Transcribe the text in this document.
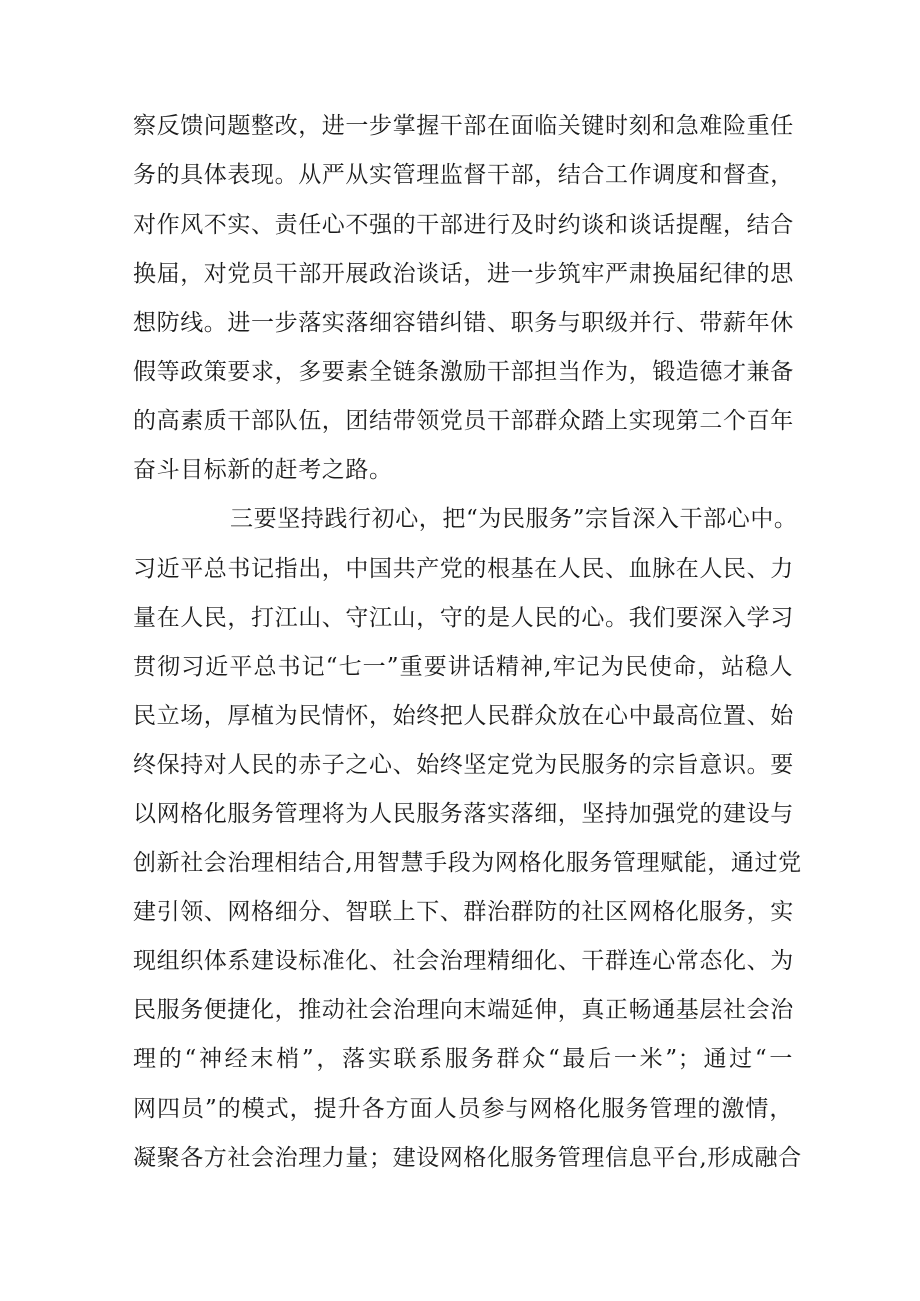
察反馈问题整改，进一步掌握干部在面临关键时刻和急难险重任
务的具体表现。从严从实管理监督干部，结合工作调度和督查，
对作风不实、责任心不强的干部进行及时约谈和谈话提醒，结合
换届，对党员干部开展政治谈话，进一步筑牢严肃换届纪律的思
想防线。进一步落实落细容错纠错、职务与职级并行、带薪年休
假等政策要求，多要素全链条激励干部担当作为，锻造德才兼备
的高素质干部队伍，团结带领党员干部群众踏上实现第二个百年
奋斗目标新的赶考之路。
三要坚持践行初心，把“为民服务”宗旨深入干部心中。
习近平总书记指出，中国共产党的根基在人民、血脉在人民、力
量在人民，打江山、守江山，守的是人民的心。我们要深入学习
贯彻习近平总书记“七一”重要讲话精神,牢记为民使命，站稳人
民立场，厚植为民情怀，始终把人民群众放在心中最高位置、始
终保持对人民的赤子之心、始终坚定党为民服务的宗旨意识。要
以网格化服务管理将为人民服务落实落细，坚持加强党的建设与
创新社会治理相结合,用智慧手段为网格化服务管理赋能，通过党
建引领、网格细分、智联上下、群治群防的社区网格化服务，实
现组织体系建设标准化、社会治理精细化、干群连心常态化、为
民服务便捷化，推动社会治理向末端延伸，真正畅通基层社会治
理的“神经末梢”，落实联系服务群众“最后一米”；通过“一
网四员”的模式，提升各方面人员参与网格化服务管理的激情，
凝聚各方社会治理力量；建设网格化服务管理信息平台,形成融合
